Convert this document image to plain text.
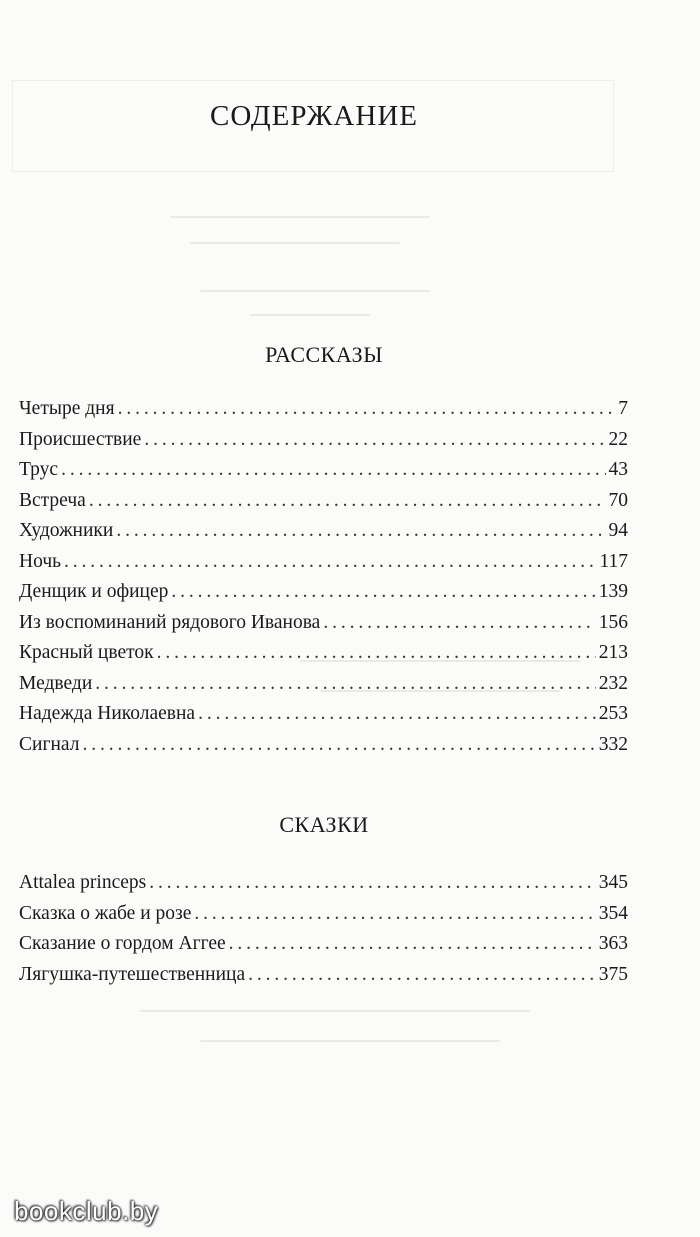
СОДЕРЖАНИЕ
РАССКАЗЫ
Четыре дня . . .	7
Происшествие . . .	22
Трус . . .	43
Встреча . . .	70
Художники . . .	94
Ночь . . .	117
Денщик и офицер . . .	139
Из воспоминаний рядового Иванова . . .	156
Красный цветок . . .	213
Медведи . . .	232
Надежда Николаевна . . .	253
Сигнал . . .	332
СКАЗКИ
Attalea princeps . . .	345
Сказка о жабе и розе . . .	354
Сказание о гордом Аггее . . .	363
Лягушка-путешественница . . .	375
bookclub.by
